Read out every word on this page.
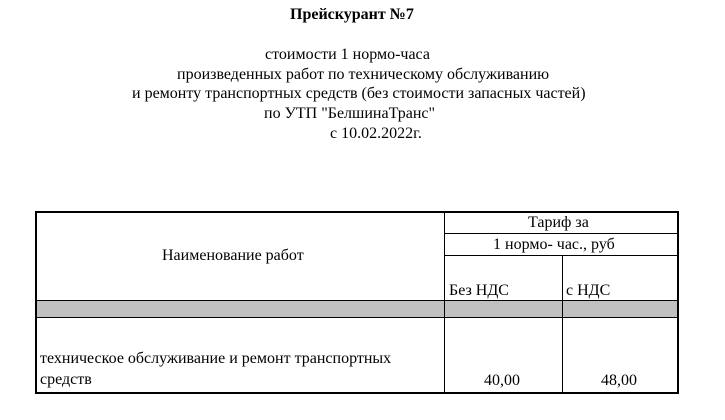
Прейскурант №7
стоимости 1 нормо-часа
произведенных работ по техническому обслуживанию
и ремонту транспортных средств (без стоимости запасных частей)
по УТП "БелшинаТранс"
с 10.02.2022г.
Наименование работ
Тариф за
1 нормо- час., руб
Без НДС	с НДС
техническое обслуживание и ремонт транспортных
средств	40,00	48,00
